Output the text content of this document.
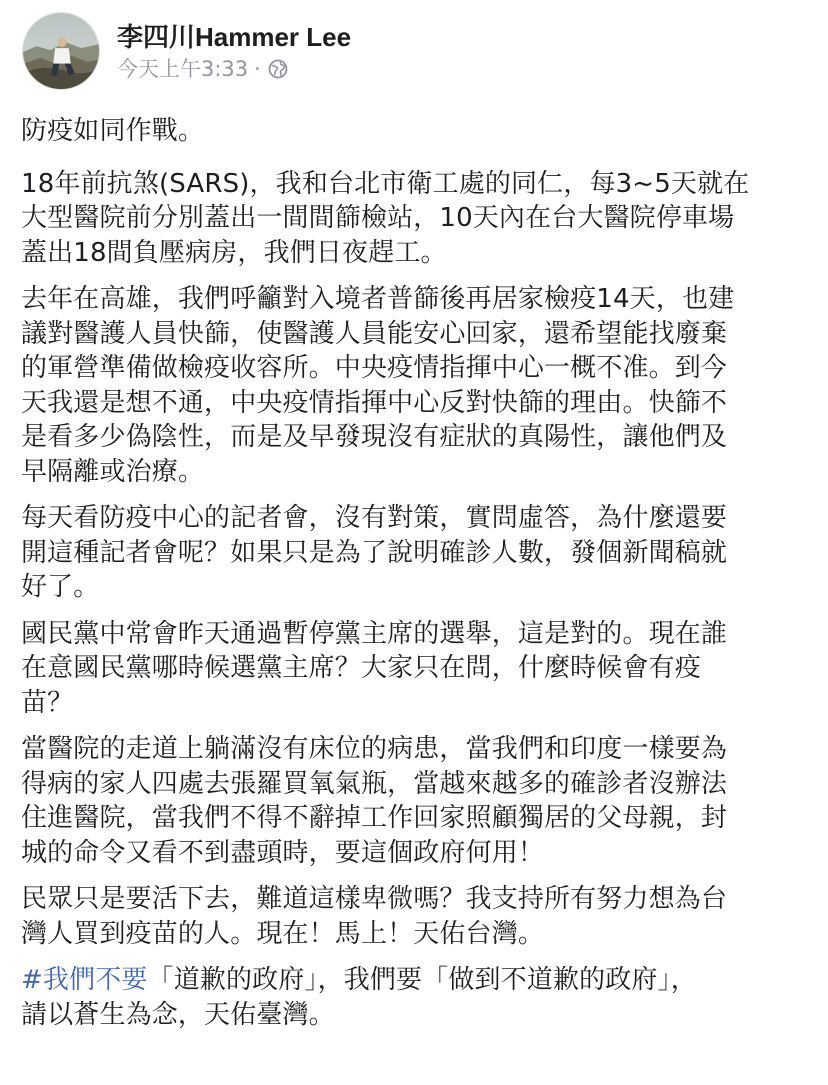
李四川Hammer Lee
今天上午3:33 ·

防疫如同作戰。

18年前抗煞(SARS)，我和台北市衛工處的同仁，每3~5天就在
大型醫院前分別蓋出一間間篩檢站，10天內在台大醫院停車場
蓋出18間負壓病房，我們日夜趕工。

去年在高雄，我們呼籲對入境者普篩後再居家檢疫14天，也建
議對醫護人員快篩，使醫護人員能安心回家，還希望能找廢棄
的軍營準備做檢疫收容所。中央疫情指揮中心一概不准。到今
天我還是想不通，中央疫情指揮中心反對快篩的理由。快篩不
是看多少偽陰性，而是及早發現沒有症狀的真陽性，讓他們及
早隔離或治療。

每天看防疫中心的記者會，沒有對策，實問虛答，為什麼還要
開這種記者會呢？如果只是為了說明確診人數，發個新聞稿就
好了。

國民黨中常會昨天通過暫停黨主席的選舉，這是對的。現在誰
在意國民黨哪時候選黨主席？大家只在問，什麼時候會有疫
苗？

當醫院的走道上躺滿沒有床位的病患，當我們和印度一樣要為
得病的家人四處去張羅買氧氣瓶，當越來越多的確診者沒辦法
住進醫院，當我們不得不辭掉工作回家照顧獨居的父母親，封
城的命令又看不到盡頭時，要這個政府何用！

民眾只是要活下去，難道這樣卑微嗎？我支持所有努力想為台
灣人買到疫苗的人。現在！馬上！天佑台灣。

#我們不要「道歉的政府」，我們要「做到不道歉的政府」，
請以蒼生為念，天佑臺灣。
